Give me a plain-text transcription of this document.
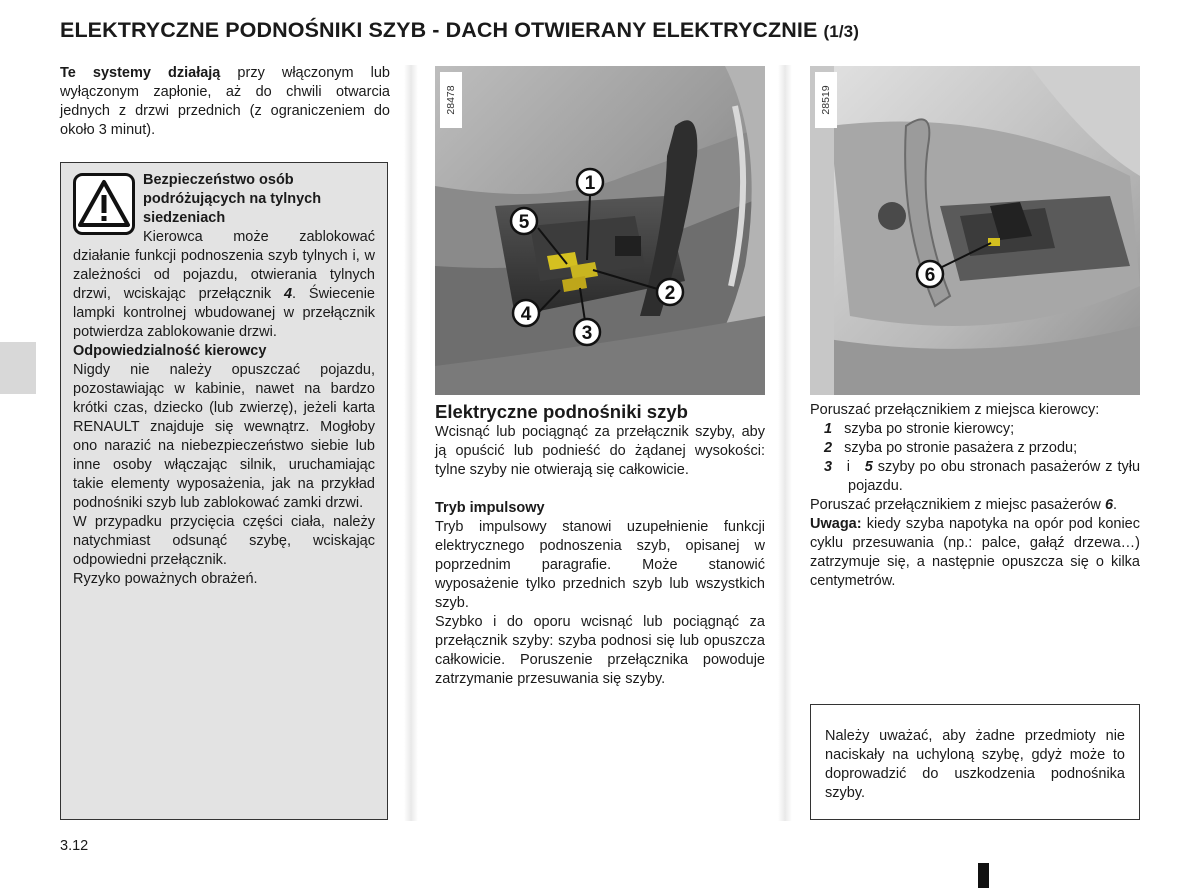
ELEKTRYCZNE PODNOŚNIKI SZYB - DACH OTWIERANY ELEKTRYCZNIE (1/3)
Te systemy działają przy włączonym lub wyłączonym zapłonie, aż do chwili otwarcia jednych z drzwi przednich (z ograniczeniem do około 3 minut).

Bezpieczeństwo osób podróżujących na tylnych siedzeniach

Kierowca może zablokować działanie funkcji podnoszenia szyb tylnych i, w zależności od pojazdu, otwierania tylnych drzwi, wciskając przełącznik 4. Świecenie lampki kontrolnej wbudowanej w przełącznik potwierdza zablokowanie drzwi.

Odpowiedzialność kierowcy

Nigdy nie należy opuszczać pojazdu, pozostawiając w kabinie, nawet na bardzo krótki czas, dziecko (lub zwierzę), jeżeli karta RENAULT znajduje się wewnątrz. Mogłoby ono narazić na niebezpieczeństwo siebie lub inne osoby włączając silnik, uruchamiając takie elementy wyposażenia, jak na przykład podnośniki szyb lub zablokować zamki drzwi.

W przypadku przycięcia części ciała, należy natychmiast odsunąć szybę, wciskając odpowiedni przełącznik.

Ryzyko poważnych obrażeń.

1
5
2
4
3
28478
6
28519
Elektryczne podnośniki szyb

Wcisnąć lub pociągnąć za przełącznik szyby, aby ją opuścić lub podnieść do żądanej wysokości: tylne szyby nie otwierają się całkowicie.

Tryb impulsowy

Tryb impulsowy stanowi uzupełnienie funkcji elektrycznego podnoszenia szyb, opisanej w poprzednim paragrafie. Może stanowić wyposażenie tylko przednich szyb lub wszystkich szyb.

Szybko i do oporu wcisnąć lub pociągnąć za przełącznik szyby: szyba podnosi się lub opuszcza całkowicie. Poruszenie przełącznika powoduje zatrzymanie przesuwania się szyby.

Poruszać przełącznikiem z miejsca kierowcy:

1 szyba po stronie kierowcy;

2 szyba po stronie pasażera z przodu;

3 i 5 szyby po obu stronach pasażerów z tyłu pojazdu.

Poruszać przełącznikiem z miejsc pasażerów 6.

Uwaga: kiedy szyba napotyka na opór pod koniec cyklu przesuwania (np.: palce, gałąź drzewa…) zatrzymuje się, a następnie opuszcza się o kilka centymetrów.

Należy uważać, aby żadne przedmioty nie naciskały na uchyloną szybę, gdyż może to doprowadzić do uszkodzenia podnośnika szyby.

3.12
